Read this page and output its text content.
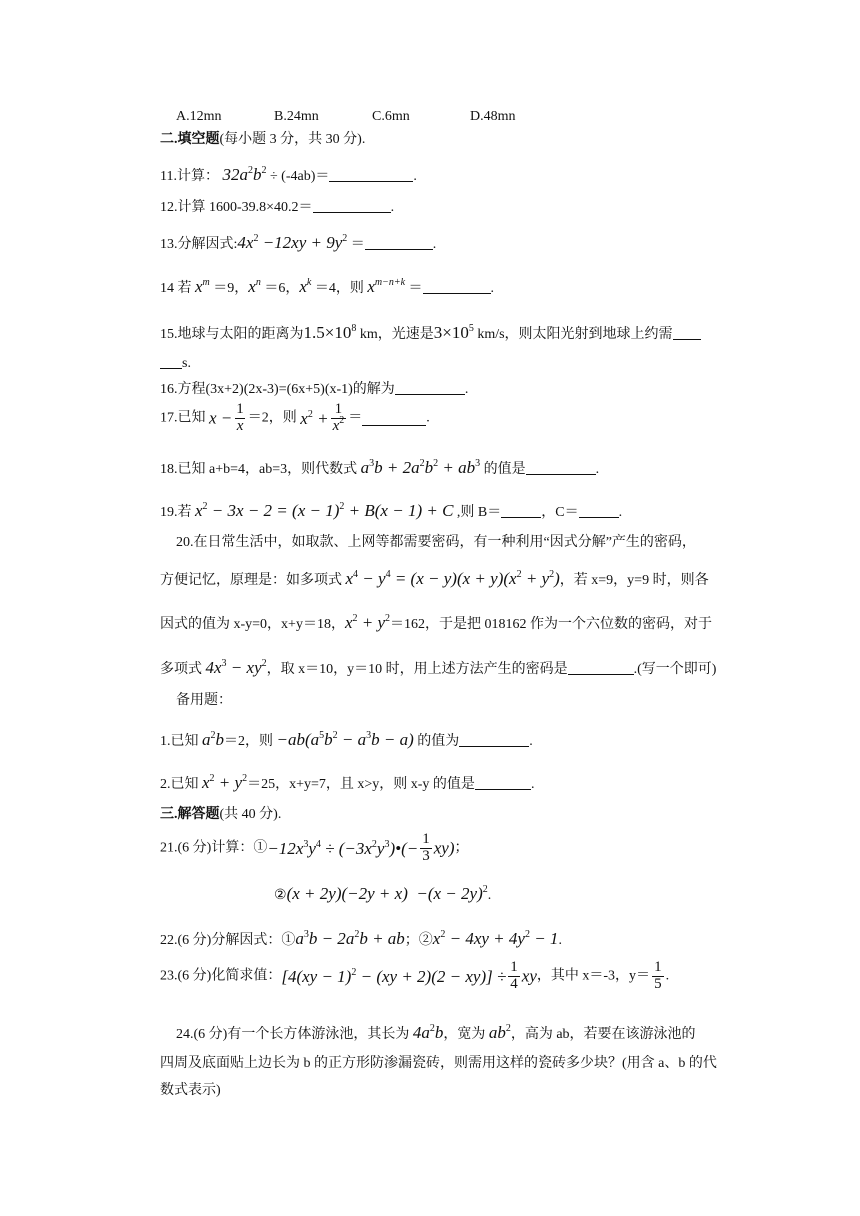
A.12mn	B.24mn	C.6mn	D.48mn
二.填空题(每小题 3 分，共 30 分).
11.计算： $32a^2b^2 \div (-4ab)=$	.
12.计算 1600-39.8×40.2＝	.
13.分解因式$:4x^2 -12xy + 9y^2$ ＝	.
14 若 $x^m =9$，$x^n =6$，$x^k =4$，则 $x^{m-n+k}$ ＝	.
15.地球与太阳的距离为$1.5\times 10^8$ km，光速是$3\times 10^5$ km/s，则太阳光射到地球上约需
s.
16.方程(3x+2)(2x-3)=(6x+5)(x-1)的解为	.
17.已知 $x - \frac{1}{x} =2$，则 $x^2 + \frac{1}{x^2}$ ＝	.
18.已知 a+b=4，ab=3，则代数式 $a^3b + 2a^2b^2 + ab^3$ 的值是	.
19.若 $x^2 - 3x - 2 = (x - 1)^2 + B(x - 1) + C$ ,则 B＝	，C＝	.
20.在日常生活中，如取款、上网等都需要密码，有一种利用“因式分解”产生的密码，
方便记忆，原理是：如多项式 $x^4 - y^4 = (x - y)(x + y)(x^2 + y^2)$，若 x=9，y=9 时，则各
因式的值为 x-y=0，x+y＝18，$x^2 + y^2=162$，于是把 018162 作为一个六位数的密码，对于
多项式 $4x^3 - xy^2$，取 x＝10，y＝10 时，用上述方法产生的密码是	.(写一个即可)
备用题：
1.已知 $a^2b=2$，则 $-ab(a^5b^2 - a^3b - a)$ 的值为	.
2.已知 $x^2 + y^2=25$，x+y=7，且 x>y，则 x-y 的值是	.
三.解答题(共 40 分).
21.(6 分)计算：$①-12x^3y^4$ ÷ $(-3x^2y^3)•(- \frac{1}{3} xy)$；
②(x + $2y)(-2y + x) -(x - 2y)^2$.
22.(6 分)分解因式：$①a^3b - 2a^2b$ + ab；$②x^2 - 4xy + 4y^2 - 1$.
23.(6 分)化简求值：$[4(xy - 1)^2 - (xy + 2)(2 - xy)] \div \frac{1}{4}$ xy，其中 x＝-3，$y= \frac{1}{5}$ .
24.(6 分)有一个长方体游泳池，其长为 $4a^2b$，宽为 $ab^2$，高为 ab，若要在该游泳池的
四周及底面贴上边长为 b 的正方形防渗漏瓷砖，则需用这样的瓷砖多少块？(用含 a、b 的代
数式表示)
